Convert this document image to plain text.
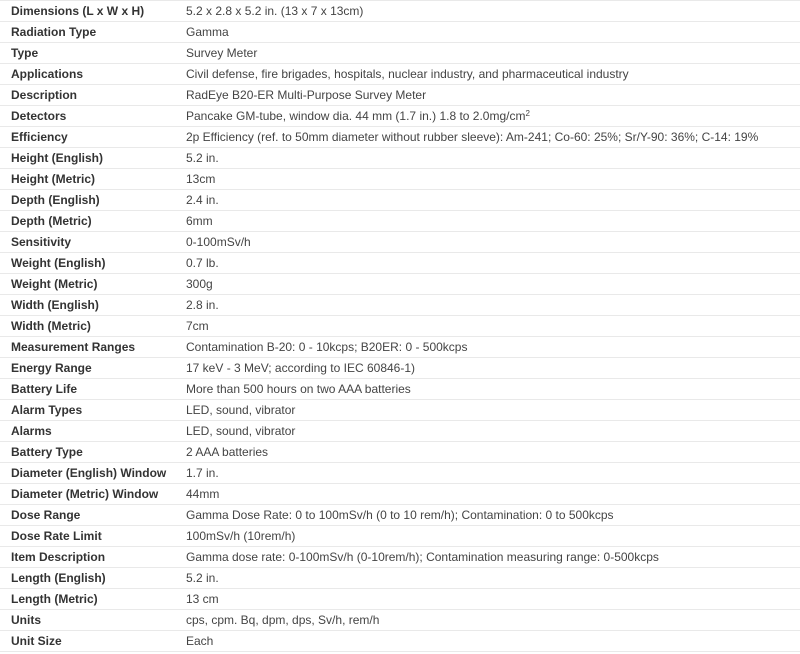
Dimensions (L x W x H)	5.2 x 2.8 x 5.2 in. (13 x 7 x 13cm)
Radiation Type	Gamma
Type	Survey Meter
Applications	Civil defense, fire brigades, hospitals, nuclear industry, and pharmaceutical industry
Description	RadEye B20-ER Multi-Purpose Survey Meter
Detectors	Pancake GM-tube, window dia. 44 mm (1.7 in.) 1.8 to $2.0mg/cm^2$
Efficiency	2p Efficiency (ref. to 50mm diameter without rubber sleeve): Am-241; Co-60: 25%; Sr/Y-90: 36%; C-14: 19%
Height (English)	5.2 in.
Height (Metric)	13cm
Depth (English)	2.4 in.
Depth (Metric)	6mm
Sensitivity	0-100mSv/h
Weight (English)	0.7 lb.
Weight (Metric)	300g
Width (English)	2.8 in.
Width (Metric)	7cm
Measurement Ranges	Contamination B-20: 0 - 10kcps; B20ER: 0 - 500kcps
Energy Range	17 keV - 3 MeV; according to IEC 60846-1)
Battery Life	More than 500 hours on two AAA batteries
Alarm Types	LED, sound, vibrator
Alarms	LED, sound, vibrator
Battery Type	2 AAA batteries
Diameter (English) Window	1.7 in.
Diameter (Metric) Window	44mm
Dose Range	Gamma Dose Rate: 0 to 100mSv/h (0 to 10 rem/h); Contamination: 0 to 500kcps
Dose Rate Limit	100mSv/h (10rem/h)
Item Description	Gamma dose rate: 0-100mSv/h (0-10rem/h); Contamination measuring range: 0-500kcps
Length (English)	5.2 in.
Length (Metric)	13 cm
Units	cps, cpm. Bq, dpm, dps, Sv/h, rem/h
Unit Size	Each
